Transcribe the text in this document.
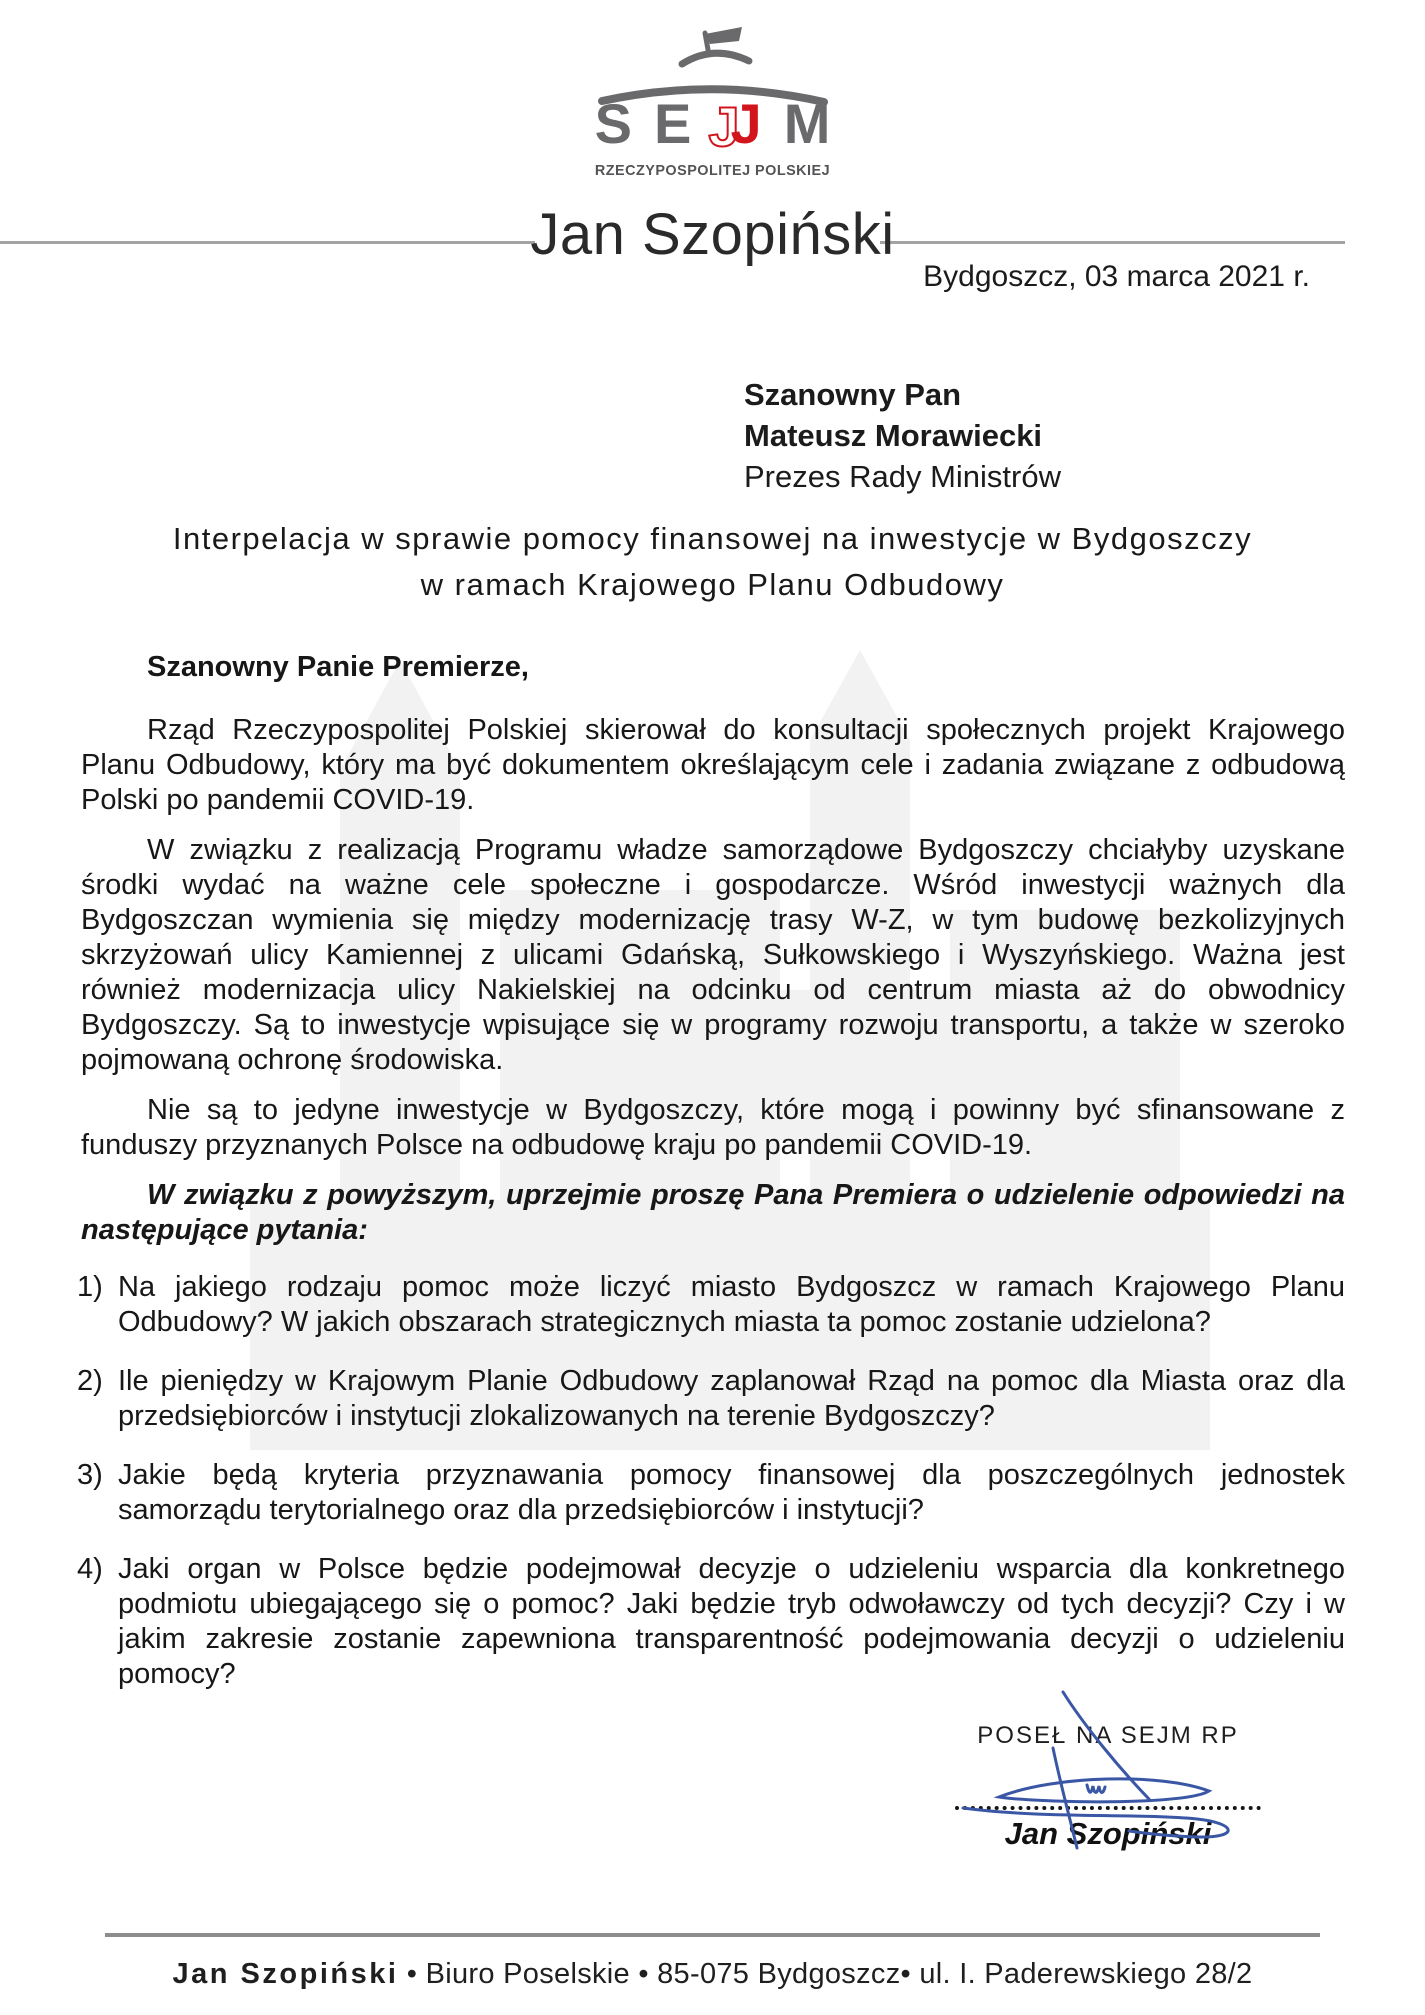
S E JJ M
RZECZYPOSPOLITEJ POLSKIEJ
Jan Szopiński
Bydgoszcz, 03 marca 2021 r.
Szanowny Pan
Mateusz Morawiecki
Prezes Rady Ministrów
Interpelacja w sprawie pomocy finansowej na inwestycje w Bydgoszczy
w ramach Krajowego Planu Odbudowy

Szanowny Panie Premierze,

Rząd Rzeczypospolitej Polskiej skierował do konsultacji społecznych projekt Krajowego Planu Odbudowy, który ma być dokumentem określającym cele i zadania związane z odbudową Polski po pandemii COVID-19.

W związku z realizacją Programu władze samorządowe Bydgoszczy chciałyby uzyskane środki wydać na ważne cele społeczne i gospodarcze. Wśród inwestycji ważnych dla Bydgoszczan wymienia się między modernizację trasy W-Z, w tym budowę bezkolizyjnych skrzyżowań ulicy Kamiennej z ulicami Gdańską, Sułkowskiego i Wyszyńskiego. Ważna jest również modernizacja ulicy Nakielskiej na odcinku od centrum miasta aż do obwodnicy Bydgoszczy. Są to inwestycje wpisujące się w programy rozwoju transportu, a także w szeroko pojmowaną ochronę środowiska.

Nie są to jedyne inwestycje w Bydgoszczy, które mogą i powinny być sfinansowane z funduszy przyznanych Polsce na odbudowę kraju po pandemii COVID-19.

W związku z powyższym, uprzejmie proszę Pana Premiera o udzielenie odpowiedzi na następujące pytania:

1) Na jakiego rodzaju pomoc może liczyć miasto Bydgoszcz w ramach Krajowego Planu Odbudowy? W jakich obszarach strategicznych miasta ta pomoc zostanie udzielona?
2) Ile pieniędzy w Krajowym Planie Odbudowy zaplanował Rząd na pomoc dla Miasta oraz dla przedsiębiorców i instytucji zlokalizowanych na terenie Bydgoszczy?
3) Jakie będą kryteria przyznawania pomocy finansowej dla poszczególnych jednostek samorządu terytorialnego oraz dla przedsiębiorców i instytucji?
4) Jaki organ w Polsce będzie podejmował decyzje o udzieleniu wsparcia dla konkretnego podmiotu ubiegającego się o pomoc? Jaki będzie tryb odwoławczy od tych decyzji? Czy i w jakim zakresie zostanie zapewniona transparentność podejmowania decyzji o udzieleniu pomocy?
POSEŁ NA SEJM RP
Jan Szopiński
Jan Szopiński • Biuro Poselskie • 85-075 Bydgoszcz• ul. I. Paderewskiego 28/2
